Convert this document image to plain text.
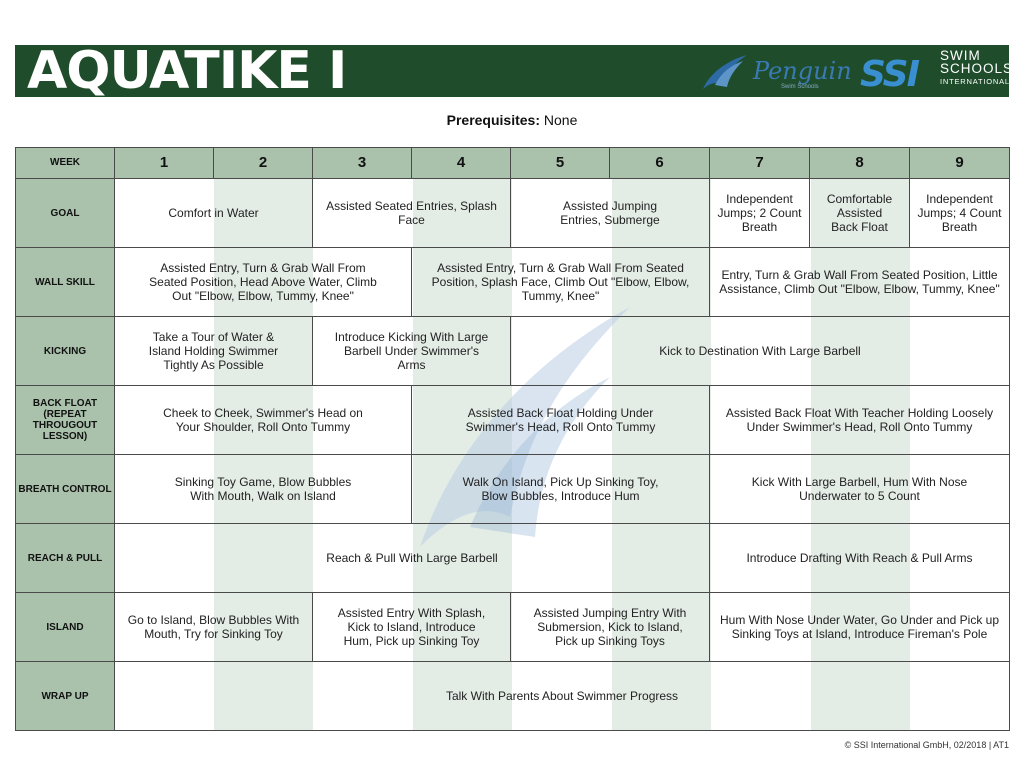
AQUATIKE I	Penguin
Swim Schools SSI SWIM
SCHOOLS
INTERNATIONAL
Prerequisites: None
WEEK	1	2	3	4	5	6	7	8	9
GOAL	Comfort in Water		Assisted Seated Entries, Splash Face		Assisted Jumping Entries, Submerge		Independent Jumps; 2 Count Breath	Comfortable Assisted Back Float	Independent Jumps; 4 Count Breath
WALL SKILL	Assisted Entry, Turn & Grab Wall From Seated Position, Head Above Water, Climb Out "Elbow, Elbow, Tummy, Knee"			Assisted Entry, Turn & Grab Wall From Seated Position, Splash Face, Climb Out "Elbow, Elbow, Tummy, Knee"			Entry, Turn & Grab Wall From Seated Position, Little Assistance, Climb Out "Elbow, Elbow, Tummy, Knee"		
KICKING	Take a Tour of Water & Island Holding Swimmer Tightly As Possible		Introduce Kicking With Large Barbell Under Swimmer's Arms		Kick to Destination With Large Barbell				
BACK FLOAT (REPEAT THROUGOUT LESSON)	Cheek to Cheek, Swimmer's Head on Your Shoulder, Roll Onto Tummy			Assisted Back Float Holding Under Swimmer's Head, Roll Onto Tummy			Assisted Back Float With Teacher Holding Loosely Under Swimmer's Head, Roll Onto Tummy		
BREATH CONTROL	Sinking Toy Game, Blow Bubbles With Mouth, Walk on Island			Walk On Island, Pick Up Sinking Toy, Blow Bubbles, Introduce Hum			Kick With Large Barbell, Hum With Nose Underwater to 5 Count		
REACH & PULL	Reach & Pull With Large Barbell						Introduce Drafting With Reach & Pull Arms		
ISLAND	Go to Island, Blow Bubbles With Mouth, Try for Sinking Toy		Assisted Entry With Splash, Kick to Island, Introduce Hum, Pick up Sinking Toy		Assisted Jumping Entry With Submersion, Kick to Island, Pick up Sinking Toys		Hum With Nose Under Water, Go Under and Pick up Sinking Toys at Island, Introduce Fireman's Pole		
WRAP UP	Talk With Parents About Swimmer Progress								
© SSI International GmbH, 02/2018 | AT1
